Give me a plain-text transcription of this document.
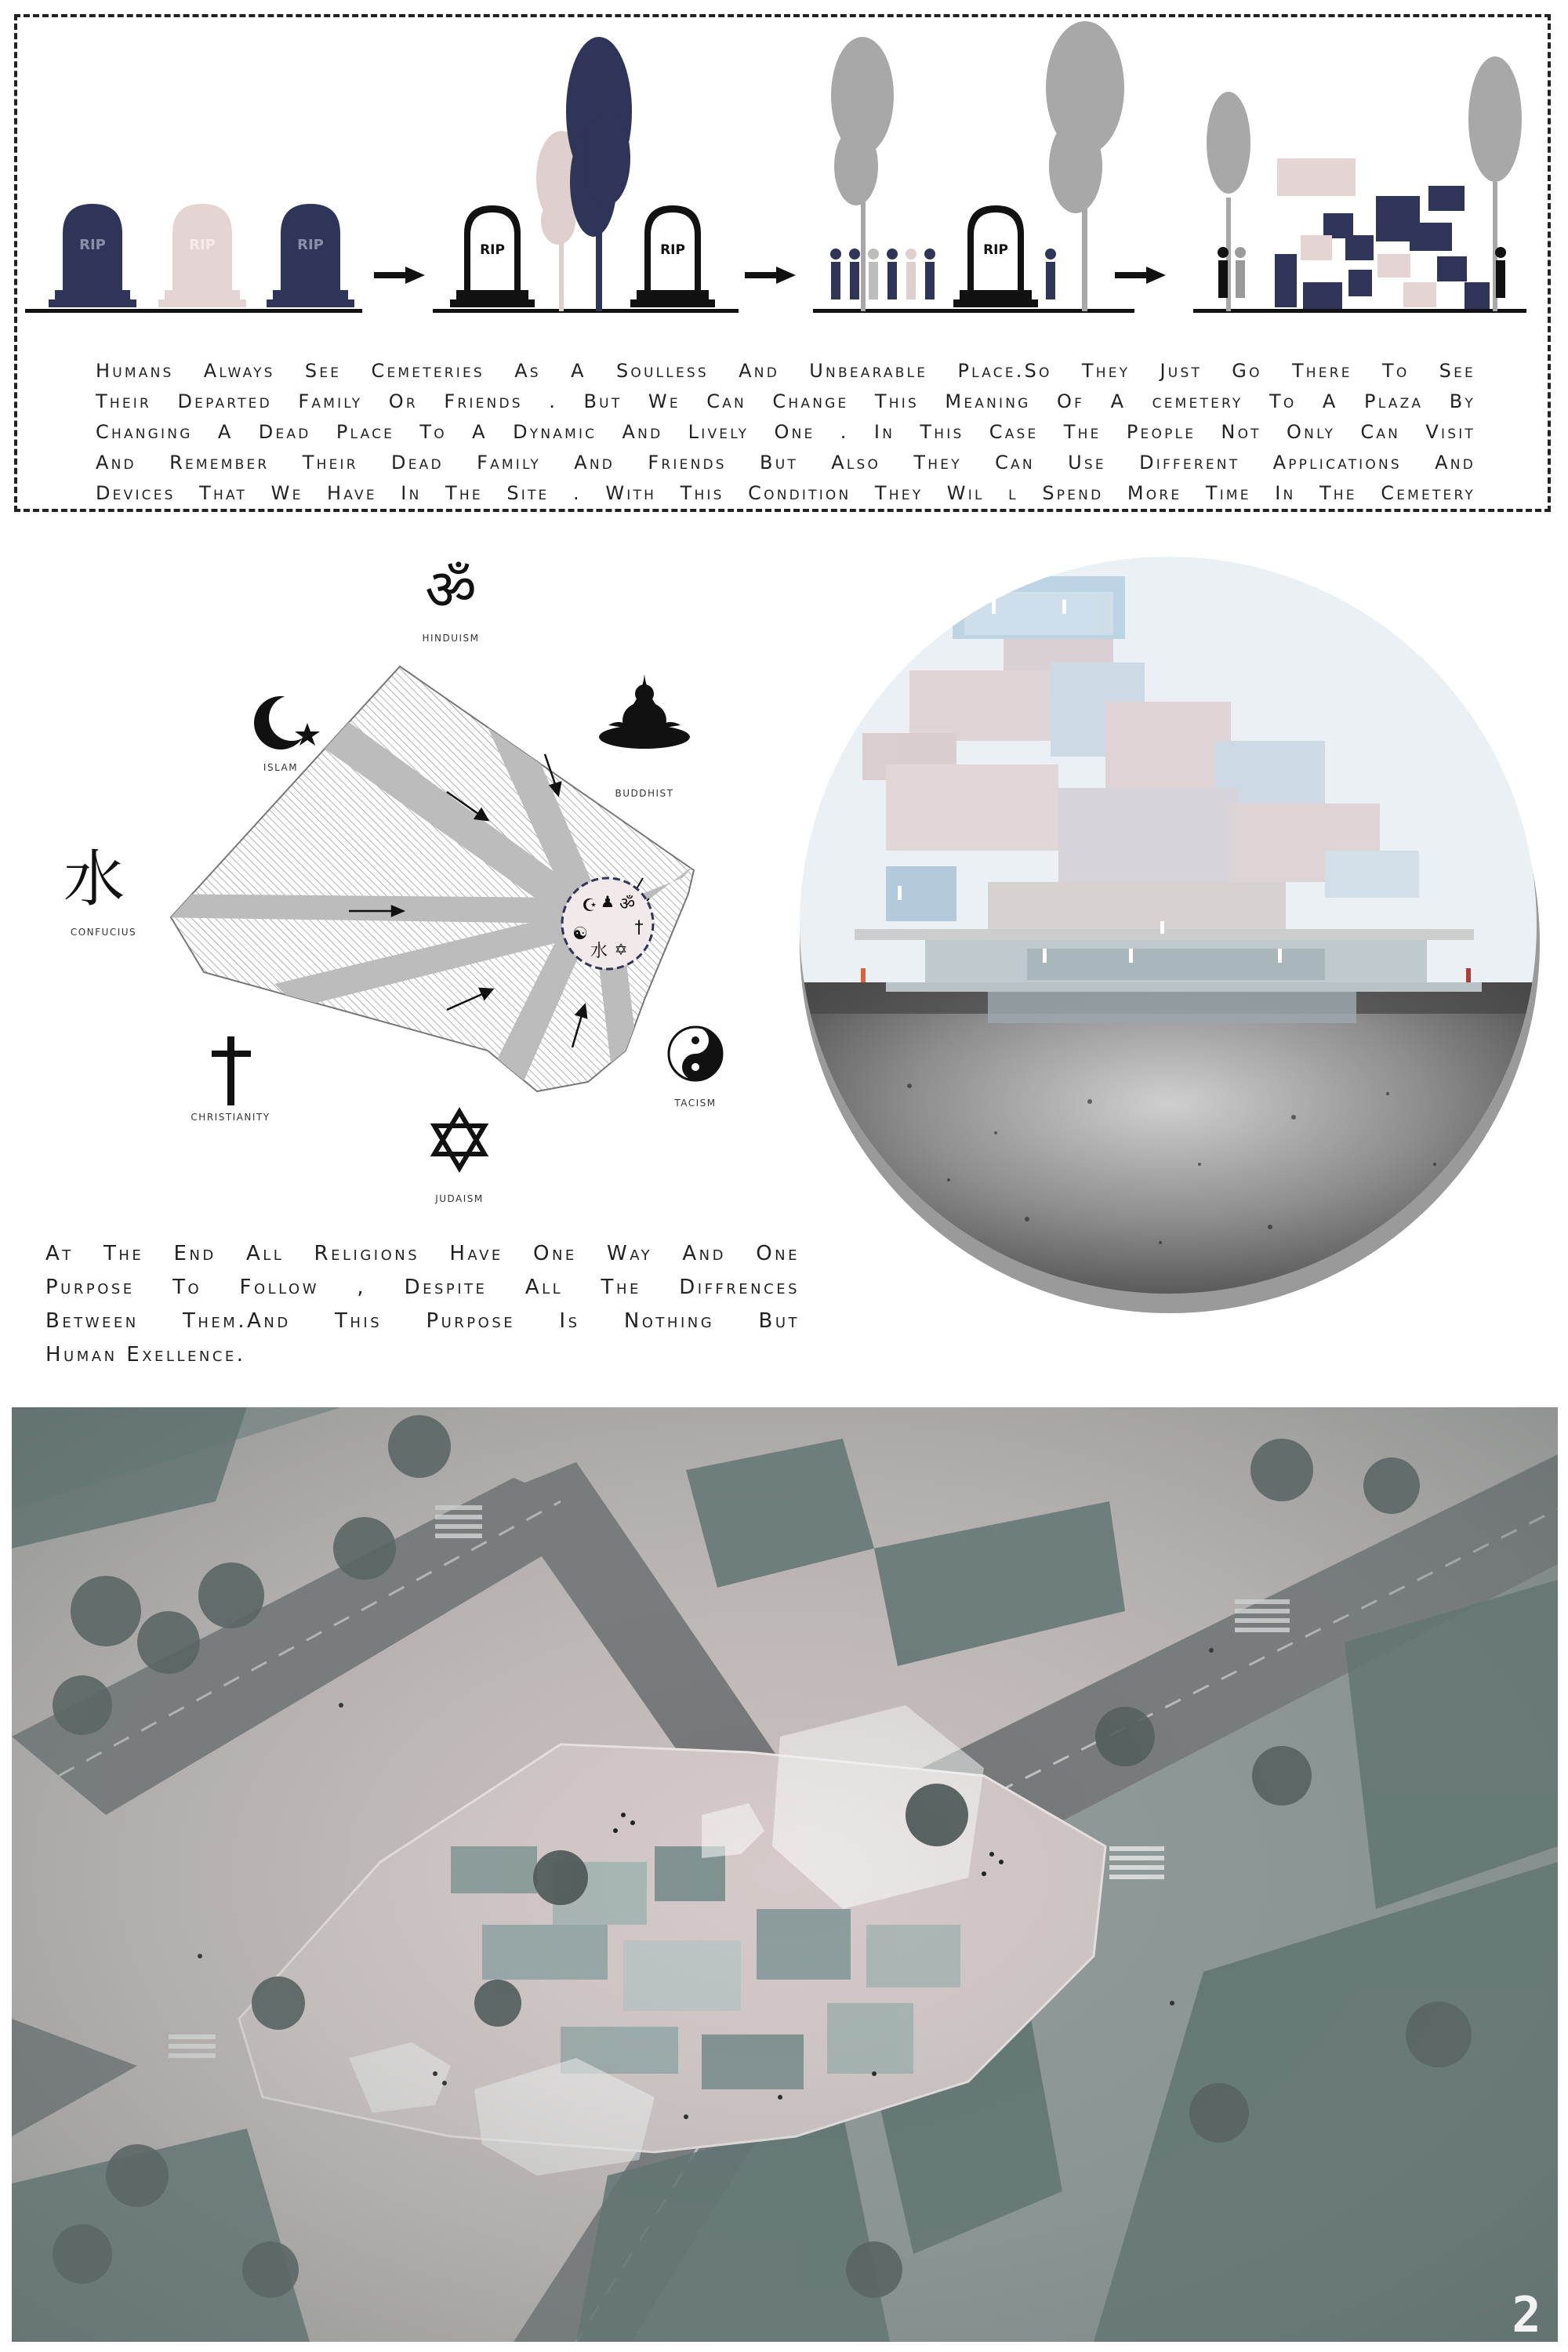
RIP	RIP	RIP	RIP	RIP	RIP
Humans Always See Cemeteries As A Soulless And Unbearable Place.So They Just Go There To See
Their Departed Family Or Friends . But We Can Change This Meaning Of A cemetery To A Plaza By
Changing A Dead Place To A Dynamic And Lively One . In This Case The People Not Only Can Visit
And Remember Their Dead Family And Friends But Also They Can Use Different Applications And
Devices That We Have In The Site . With This Condition They Wil l Spend More Time In The Cemetery
☪ ♟ ॐ
☯	†
水 ✡
ॐ
水
HINDUISM
ISLAM
BUDDHIST
CONFUCIUS
CHRISTIANITY
TACISM
JUDAISM
At The End All Religions Have One Way And One
Purpose To Follow , Despite All The Diffrences
Between Them.And This Purpose Is Nothing But
Human Exellence.
2
